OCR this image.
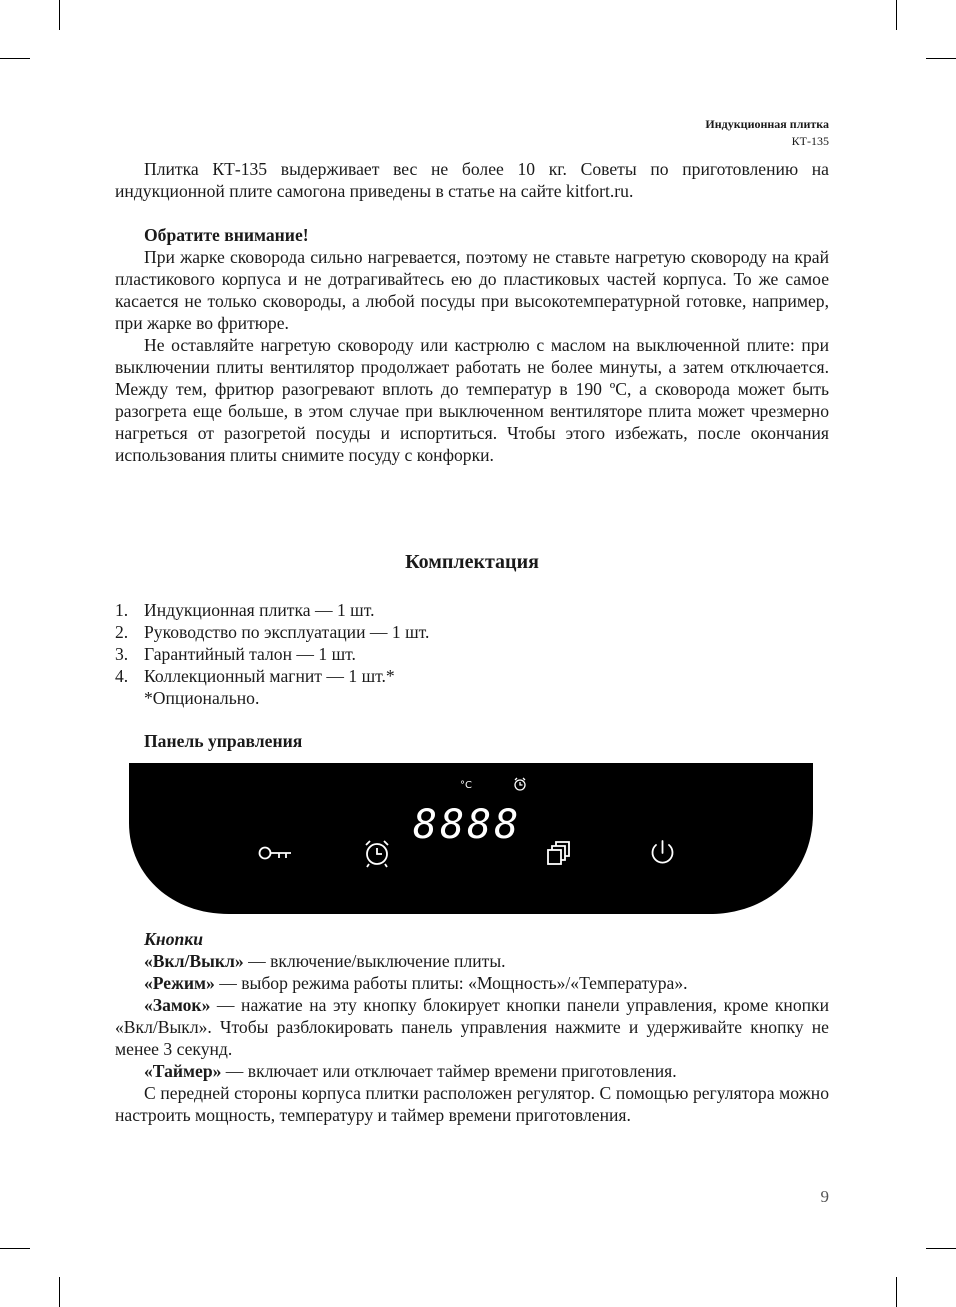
Индукционная плитка
КТ-135

Плитка КТ-135 выдерживает вес не более 10 кг. Советы по приготовлению на индукционной плите самогона приведены в статье на сайте kitfort.ru.

Обратите внимание!

При жарке сковорода сильно нагревается, поэтому не ставьте нагретую сковороду на край пластикового корпуса и не дотрагивайтесь ею до пластиковых частей корпуса. То же самое касается не только сковороды, а любой посуды при высокотемпературной готовке, например, при жарке во фритюре.

Не оставляйте нагретую сковороду или кастрюлю с маслом на выключенной плите: при выключении плиты вентилятор продолжает работать не более минуты, а затем отключается. Между тем, фритюр разогревают вплоть до температур в 190 ºС, а сковорода может быть разогрета еще больше, в этом случае при выключенном вентиляторе плита может чрезмерно нагреться от разогретой посуды и испортиться. Чтобы этого избежать, после окончания использования плиты снимите посуду с конфорки.

Комплектация
1. Индукционная плитка — 1 шт.
2. Руководство по эксплуатации — 1 шт.
3. Гарантийный талон — 1 шт.
4. Коллекционный магнит — 1 шт.*
*Опционально.
Панель управления
°C
8888

Кнопки

«Вкл/Выкл» — включение/выключение плиты.

«Режим» — выбор режима работы плиты: «Мощность»/«Температура».

«Замок» — нажатие на эту кнопку блокирует кнопки панели управления, кроме кнопки «Вкл/Выкл». Чтобы разблокировать панель управления нажмите и удерживайте кнопку не менее 3 секунд.

«Таймер» — включает или отключает таймер времени приготовления.

С передней стороны корпуса плитки расположен регулятор. С помощью регулятора можно настроить мощность, температуру и таймер времени приготовления.

9
